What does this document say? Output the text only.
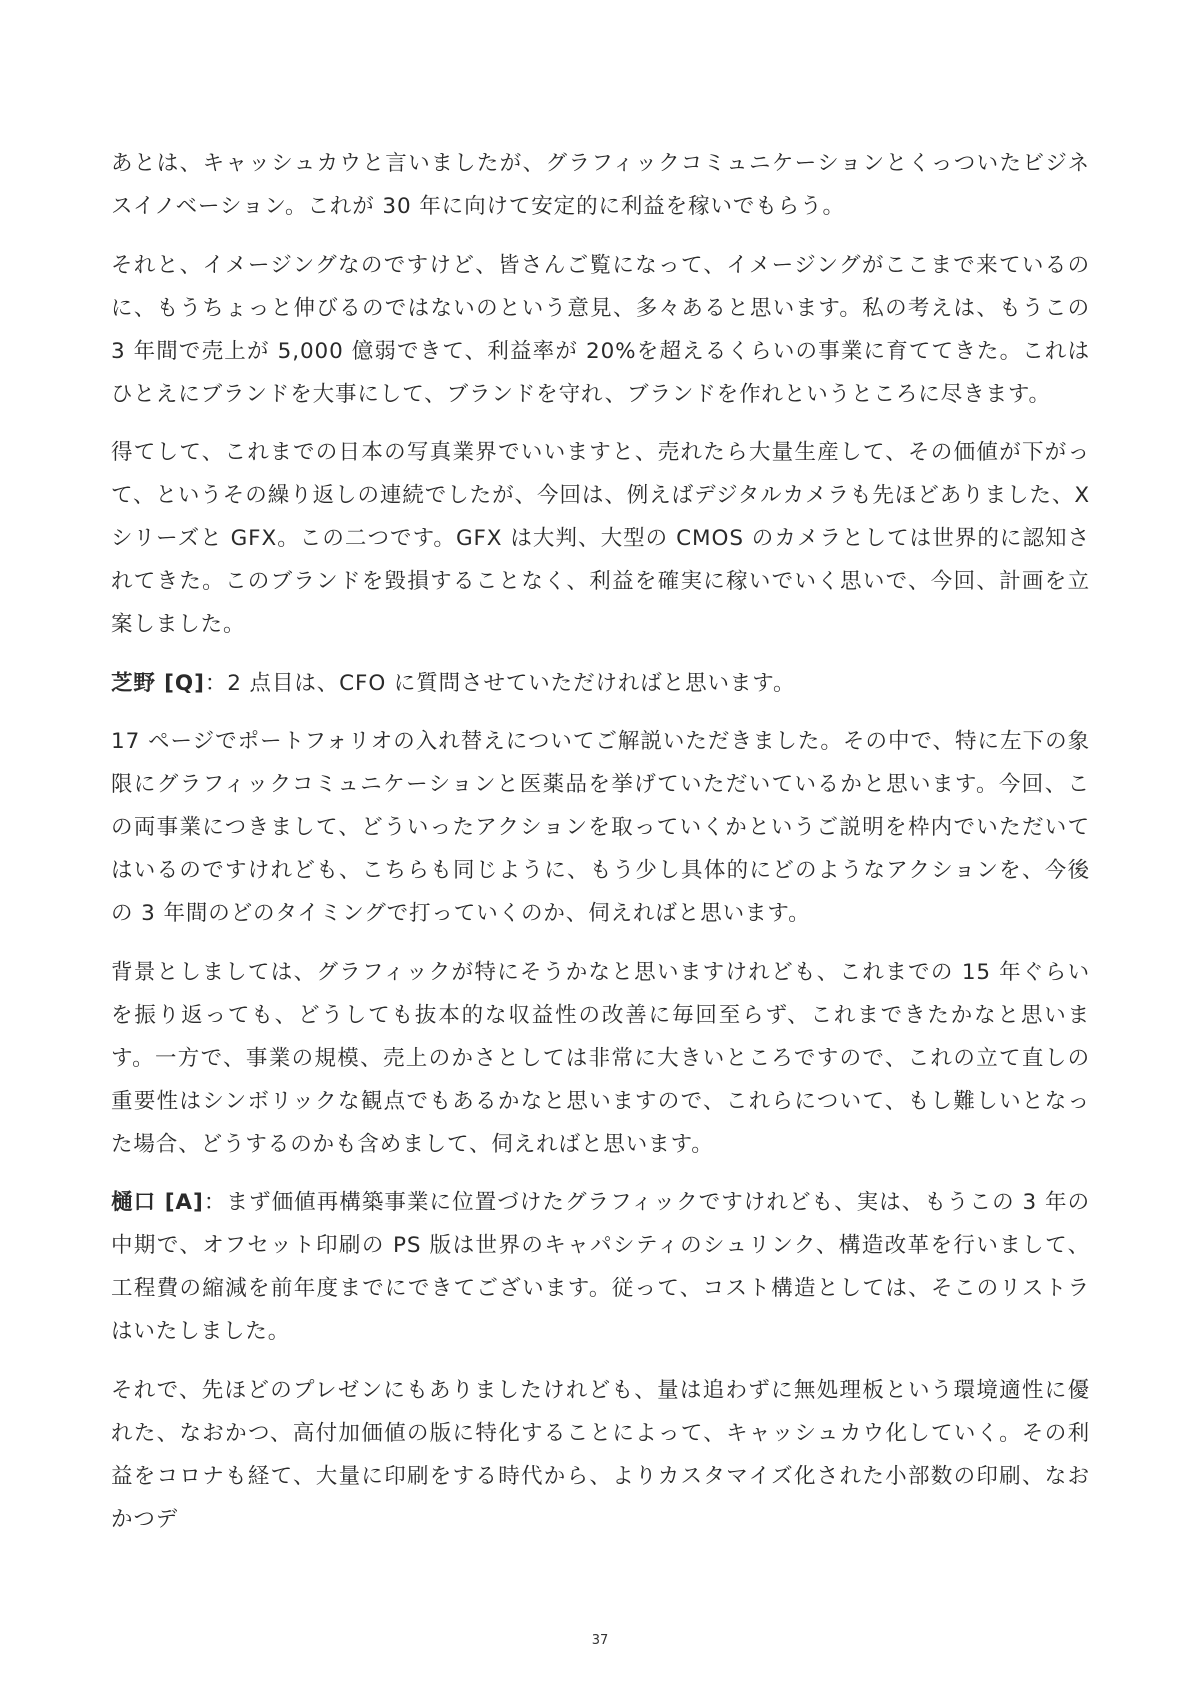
あとは、キャッシュカウと言いましたが、グラフィックコミュニケーションとくっついたビジネスイノベーション。これが 30 年に向けて安定的に利益を稼いでもらう。

それと、イメージングなのですけど、皆さんご覧になって、イメージングがここまで来ているのに、もうちょっと伸びるのではないのという意見、多々あると思います。私の考えは、もうこの 3 年間で売上が 5,000 億弱できて、利益率が 20%を超えるくらいの事業に育ててきた。これはひとえにブランドを大事にして、ブランドを守れ、ブランドを作れというところに尽きます。

得てして、これまでの日本の写真業界でいいますと、売れたら大量生産して、その価値が下がって、というその繰り返しの連続でしたが、今回は、例えばデジタルカメラも先ほどありました、X シリーズと GFX。この二つです。GFX は大判、大型の CMOS のカメラとしては世界的に認知されてきた。このブランドを毀損することなく、利益を確実に稼いでいく思いで、今回、計画を立案しました。

芝野 [Q]：2 点目は、CFO に質問させていただければと思います。

17 ページでポートフォリオの入れ替えについてご解説いただきました。その中で、特に左下の象限にグラフィックコミュニケーションと医薬品を挙げていただいているかと思います。今回、この両事業につきまして、どういったアクションを取っていくかというご説明を枠内でいただいてはいるのですけれども、こちらも同じように、もう少し具体的にどのようなアクションを、今後の 3 年間のどのタイミングで打っていくのか、伺えればと思います。

背景としましては、グラフィックが特にそうかなと思いますけれども、これまでの 15 年ぐらいを振り返っても、どうしても抜本的な収益性の改善に毎回至らず、これまできたかなと思います。一方で、事業の規模、売上のかさとしては非常に大きいところですので、これの立て直しの重要性はシンボリックな観点でもあるかなと思いますので、これらについて、もし難しいとなった場合、どうするのかも含めまして、伺えればと思います。

樋口 [A]：まず価値再構築事業に位置づけたグラフィックですけれども、実は、もうこの 3 年の中期で、オフセット印刷の PS 版は世界のキャパシティのシュリンク、構造改革を行いまして、工程費の縮減を前年度までにできてございます。従って、コスト構造としては、そこのリストラはいたしました。

それで、先ほどのプレゼンにもありましたけれども、量は追わずに無処理板という環境適性に優れた、なおかつ、高付加価値の版に特化することによって、キャッシュカウ化していく。その利益をコロナも経て、大量に印刷をする時代から、よりカスタマイズ化された小部数の印刷、なおかつデ

37
